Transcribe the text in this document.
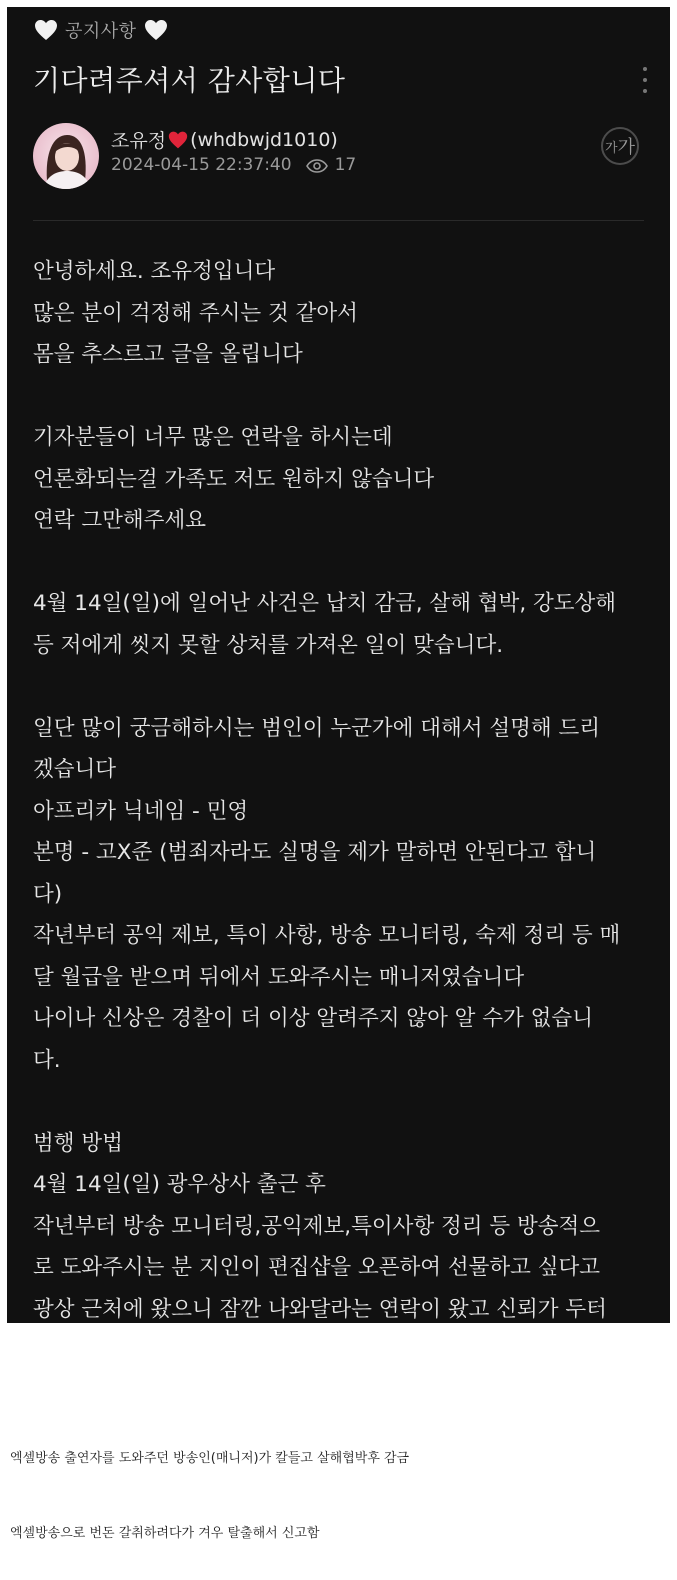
공지사항
기다려주셔서 감사합니다
조유정 (whdbwjd1010)
2024-04-15 22:37:40	17
가 가

안녕하세요. 조유정입니다

많은 분이 걱정해 주시는 것 같아서

몸을 추스르고 글을 올립니다

기자분들이 너무 많은 연락을 하시는데

언론화되는걸 가족도 저도 원하지 않습니다

연락 그만해주세요

4월 14일(일)에 일어난 사건은 납치 감금, 살해 협박, 강도상해

등 저에게 씻지 못할 상처를 가져온 일이 맞습니다.

일단 많이 궁금해하시는 범인이 누군가에 대해서 설명해 드리

겠습니다

아프리카 닉네임 - 민영

본명 - 고X준 (범죄자라도 실명을 제가 말하면 안된다고 합니

다)

작년부터 공익 제보, 특이 사항, 방송 모니터링, 숙제 정리 등 매

달 월급을 받으며 뒤에서 도와주시는 매니저였습니다

나이나 신상은 경찰이 더 이상 알려주지 않아 알 수가 없습니

다.

범행 방법

4월 14일(일) 광우상사 출근 후

작년부터 방송 모니터링,공익제보,특이사항 정리 등 방송적으

로 도와주시는 분 지인이 편집샵을 오픈하여 선물하고 싶다고

광상 근처에 왔으니 잠깐 나와달라는 연락이 왔고 신뢰가 두터

엑셀방송 출연자를 도와주던 방송인(매니저)가 칼들고 살해협박후 감금
엑셀방송으로 번돈 갈취하려다가 겨우 탈출해서 신고함
